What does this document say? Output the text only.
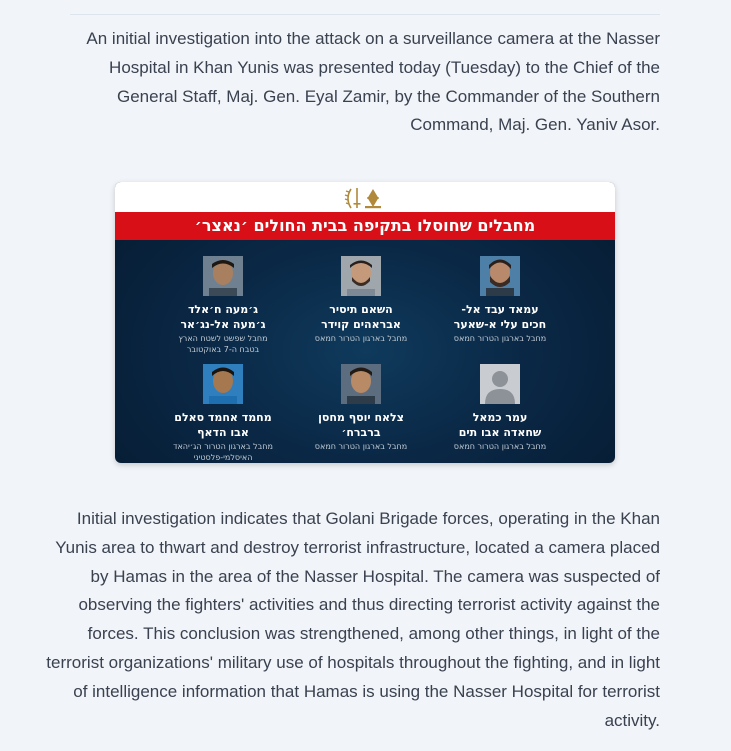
An initial investigation into the attack on a surveillance camera at the Nasser Hospital in Khan Yunis was presented today (Tuesday) to the Chief of the General Staff, Maj. Gen. Eyal Zamir, by the Commander of the Southern Command, Maj. Gen. Yaniv Asor.

מחבלים שחוסלו בתקיפה בבית החולים ׳נאצר׳
עמאד עבד אל-
חכים עלי א-שאער
מחבל בארגון הטרור חמאס
השאם תיסיר
אבראהים קוידר
מחבל בארגון הטרור חמאס
ג׳מעה ח׳אלד
ג׳מעה אל-נג׳אר
מחבל שפשט לשטח הארץ
בטבח ה-7 באוקטובר
עמר כמאל
שחאדה אבו תים
מחבל בארגון הטרור חמאס
צלאח יוסף מחסן
ברברח׳
מחבל בארגון הטרור חמאס
מחמד אחמד סאלם
אבו הדאף
מחבל בארגון הטרור הג׳יהאד
האיסלמי-פלסטיני

Initial investigation indicates that Golani Brigade forces, operating in the Khan Yunis area to thwart and destroy terrorist infrastructure, located a camera placed by Hamas in the area of the Nasser Hospital. The camera was suspected of observing the fighters' activities and thus directing terrorist activity against the forces. This conclusion was strengthened, among other things, in light of the terrorist organizations' military use of hospitals throughout the fighting, and in light of intelligence information that Hamas is using the Nasser Hospital for terrorist activity.
